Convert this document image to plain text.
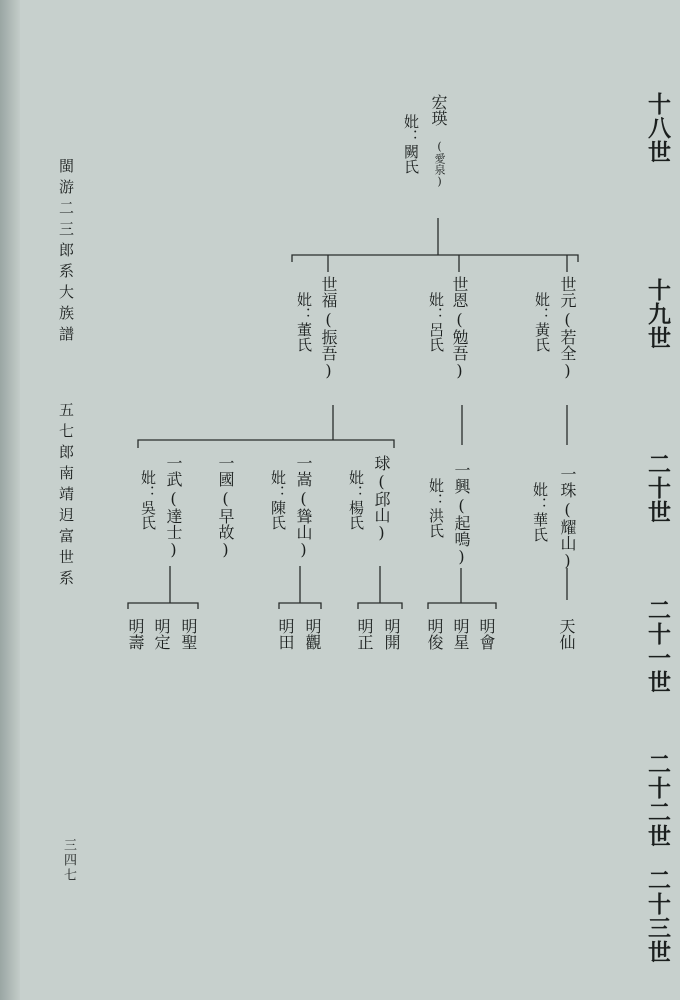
十八世
十九世
二十世
二十一世
二十二世
二十三世
閩游二三郎系大族譜
五七郎南靖迌富世系
三四七
宏瑛
(愛泉)
妣：闕氏
世元
(若全)
妣：黃氏
世恩
(勉吾)
妣：呂氏
世福
(振吾)
妣：董氏
一珠
(耀山)
妣：華氏
一興
(起鳴)
妣：洪氏
球
(邱山)
妣：楊氏
一嵩
(聳山)
妣：陳氏
一國
(早故)
一武
(達士)
妣：吳氏
天仙
明會
明星
明俊
明開
明正
明觀
明田
明聖
明定
明壽
